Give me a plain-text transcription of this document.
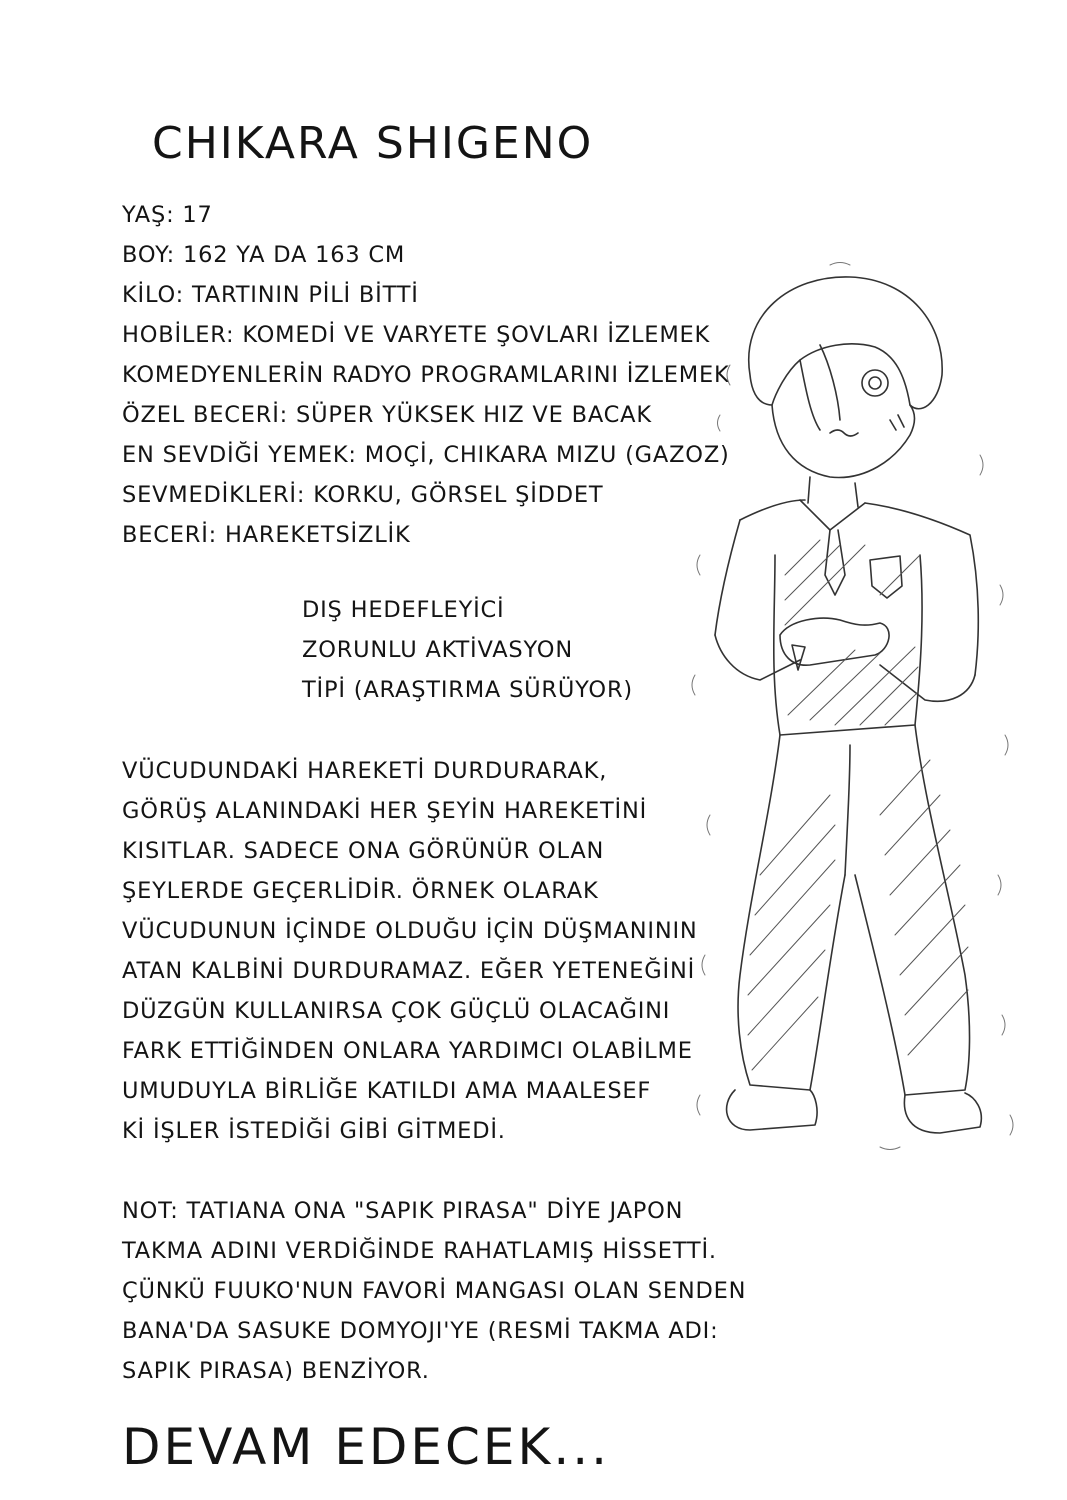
CHIKARA SHIGENO
YAŞ: 17
BOY: 162 YA DA 163 CM
KİLO: TARTININ PİLİ BİTTİ
HOBİLER: KOMEDİ VE VARYETE ŞOVLARI İZLEMEK
KOMEDYENLERİN RADYO PROGRAMLARINI İZLEMEK
ÖZEL BECERİ: SÜPER YÜKSEK HIZ VE BACAK
EN SEVDİĞİ YEMEK: MOÇİ, CHIKARA MIZU (GAZOZ)
SEVMEDİKLERİ: KORKU, GÖRSEL ŞİDDET
BECERİ: HAREKETSİZLİK
DIŞ HEDEFLEYİCİ
ZORUNLU AKTİVASYON
TİPİ (ARAŞTIRMA SÜRÜYOR)
VÜCUDUNDAKİ HAREKETİ DURDURARAK,
GÖRÜŞ ALANINDAKİ HER ŞEYİN HAREKETİNİ
KISITLAR. SADECE ONA GÖRÜNÜR OLAN
ŞEYLERDE GEÇERLİDİR. ÖRNEK OLARAK
VÜCUDUNUN İÇİNDE OLDUĞU İÇİN DÜŞMANININ
ATAN KALBİNİ DURDURAMAZ. EĞER YETENEĞİNİ
DÜZGÜN KULLANIRSA ÇOK GÜÇLÜ OLACAĞINI
FARK ETTİĞİNDEN ONLARA YARDIMCI OLABİLME
UMUDUYLA BİRLİĞE KATILDI AMA MAALESEF
Kİ İŞLER İSTEDİĞİ GİBİ GİTMEDİ.
NOT: TATIANA ONA "SAPIK PIRASA" DİYE JAPON
TAKMA ADINI VERDİĞİNDE RAHATLAMIŞ HİSSETTİ.
ÇÜNKÜ FUUKO'NUN FAVORİ MANGASI OLAN SENDEN
BANA'DA SASUKE DOMYOJI'YE (RESMİ TAKMA ADI:
SAPIK PIRASA) BENZİYOR.
DEVAM EDECEK...
